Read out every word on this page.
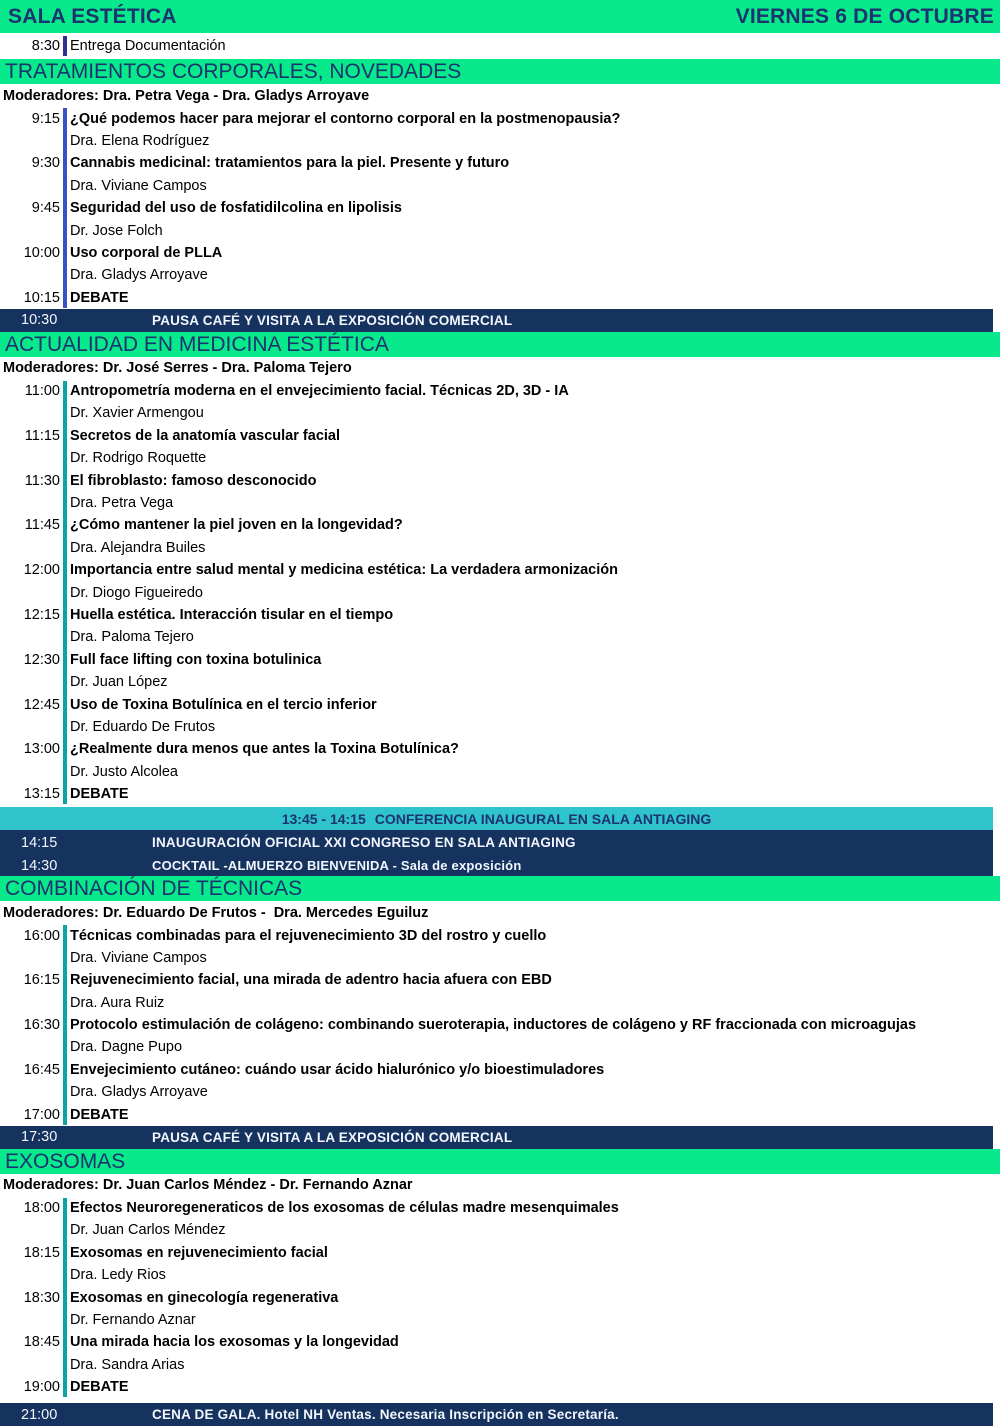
SALA ESTÉTICA	VIERNES 6 DE OCTUBRE
8:30 Entrega Documentación
TRATAMIENTOS CORPORALES, NOVEDADES
Moderadores: Dra. Petra Vega - Dra. Gladys Arroyave
9:15 ¿Qué podemos hacer para mejorar el contorno corporal en la postmenopausia?
Dra. Elena Rodríguez
9:30 Cannabis medicinal: tratamientos para la piel. Presente y futuro
Dra. Viviane Campos
9:45 Seguridad del uso de fosfatidilcolina en lipolisis
Dr. Jose Folch
10:00 Uso corporal de PLLA
Dra. Gladys Arroyave
10:15 DEBATE
10:30	PAUSA CAFÉ Y VISITA A LA EXPOSICIÓN COMERCIAL
ACTUALIDAD EN MEDICINA ESTÉTICA
Moderadores: Dr. José Serres - Dra. Paloma Tejero
11:00 Antropometría moderna en el envejecimiento facial. Técnicas 2D, 3D - IA
Dr. Xavier Armengou
11:15 Secretos de la anatomía vascular facial
Dr. Rodrigo Roquette
11:30 El fibroblasto: famoso desconocido
Dra. Petra Vega
11:45 ¿Cómo mantener la piel joven en la longevidad?
Dra. Alejandra Builes
12:00 Importancia entre salud mental y medicina estética: La verdadera armonización
Dr. Diogo Figueiredo
12:15 Huella estética. Interacción tisular en el tiempo
Dra. Paloma Tejero
12:30 Full face lifting con toxina botulinica
Dr. Juan López
12:45 Uso de Toxina Botulínica en el tercio inferior
Dr. Eduardo De Frutos
13:00 ¿Realmente dura menos que antes la Toxina Botulínica?
Dr. Justo Alcolea
13:15 DEBATE
13:45 - 14:15 CONFERENCIA INAUGURAL EN SALA ANTIAGING
14:15	INAUGURACIÓN OFICIAL XXI CONGRESO EN SALA ANTIAGING
14:30	COCKTAIL -ALMUERZO BIENVENIDA - Sala de exposición
COMBINACIÓN DE TÉCNICAS
Moderadores: Dr. Eduardo De Frutos -  Dra. Mercedes Eguiluz
16:00 Técnicas combinadas para el rejuvenecimiento 3D del rostro y cuello
Dra. Viviane Campos
16:15 Rejuvenecimiento facial, una mirada de adentro hacia afuera con EBD
Dra. Aura Ruiz
16:30 Protocolo estimulación de colágeno: combinando sueroterapia, inductores de colágeno y RF fraccionada con microagujas
Dra. Dagne Pupo
16:45 Envejecimiento cutáneo: cuándo usar ácido hialurónico y/o bioestimuladores
Dra. Gladys Arroyave
17:00 DEBATE
17:30	PAUSA CAFÉ Y VISITA A LA EXPOSICIÓN COMERCIAL
EXOSOMAS
Moderadores: Dr. Juan Carlos Méndez - Dr. Fernando Aznar
18:00 Efectos Neuroregeneraticos de los exosomas de células madre mesenquimales
Dr. Juan Carlos Méndez
18:15 Exosomas en rejuvenecimiento facial
Dra. Ledy Rios
18:30 Exosomas en ginecología regenerativa
Dr. Fernando Aznar
18:45 Una mirada hacia los exosomas y la longevidad
Dra. Sandra Arias
19:00 DEBATE
21:00	CENA DE GALA. Hotel NH Ventas. Necesaria Inscripción en Secretaría.
